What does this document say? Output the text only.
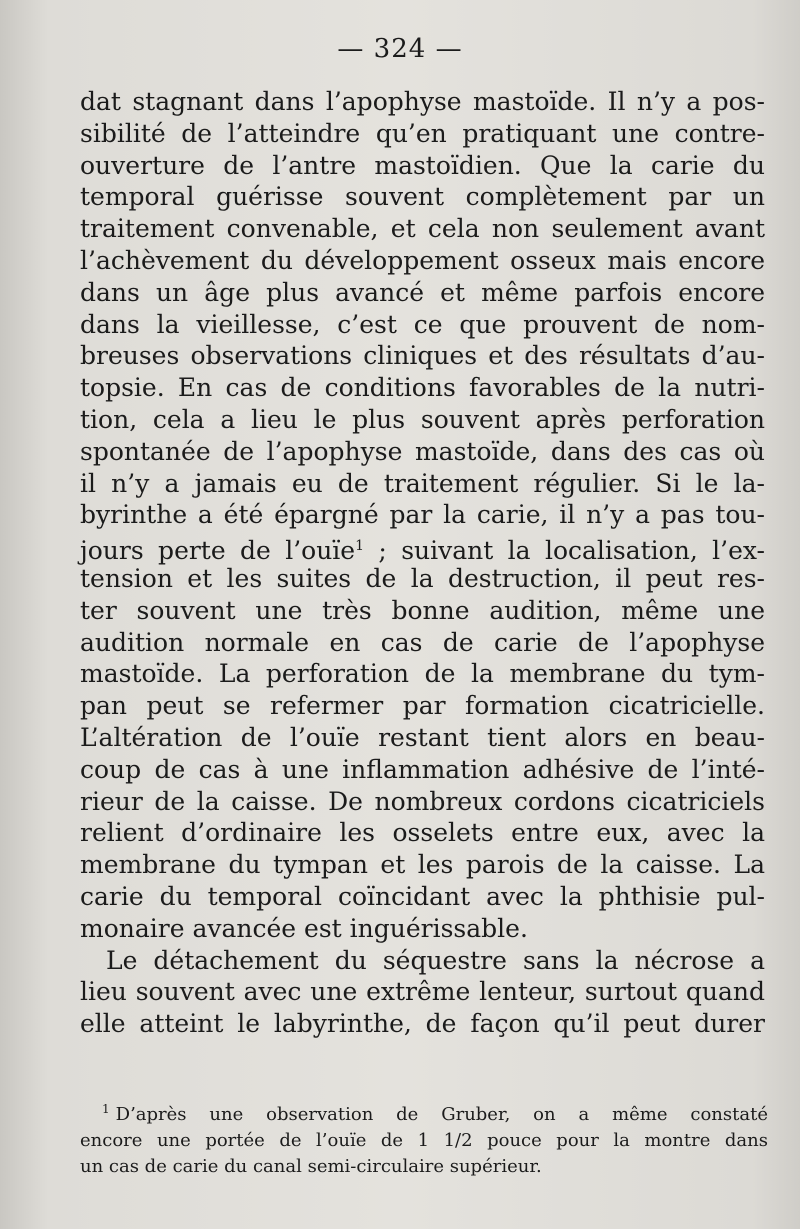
— 324 —
dat stagnant dans l’apophyse mastoïde. Il n’y a pos-
sibilité de l’atteindre qu’en pratiquant une contre-
ouverture de l’antre mastoïdien. Que la carie du
temporal guérisse souvent complètement par un
traitement convenable, et cela non seulement avant
l’achèvement du développement osseux mais encore
dans un âge plus avancé et même parfois encore
dans la vieillesse, c’est ce que prouvent de nom-
breuses observations cliniques et des résultats d’au-
topsie. En cas de conditions favorables de la nutri-
tion, cela a lieu le plus souvent après perforation
spontanée de l’apophyse mastoïde, dans des cas où
il n’y a jamais eu de traitement régulier. Si le la-
byrinthe a été épargné par la carie, il n’y a pas tou-
jours perte de l’ouïe$^1$ ; suivant la localisation, l’ex-
tension et les suites de la destruction, il peut res-
ter souvent une très bonne audition, même une
audition normale en cas de carie de l’apophyse
mastoïde. La perforation de la membrane du tym-
pan peut se refermer par formation cicatricielle.
L’altération de l’ouïe restant tient alors en beau-
coup de cas à une inflammation adhésive de l’inté-
rieur de la caisse. De nombreux cordons cicatriciels
relient d’ordinaire les osselets entre eux, avec la
membrane du tympan et les parois de la caisse. La
carie du temporal coïncidant avec la phthisie pul-
monaire avancée est inguérissable.
Le détachement du séquestre sans la nécrose a
lieu souvent avec une extrême lenteur, surtout quand
elle atteint le labyrinthe, de façon qu’il peut durer
$^1$ D’après une observation de Gruber, on a même constaté
encore une portée de l’ouïe de 1 1/2 pouce pour la montre dans
un cas de carie du canal semi-circulaire supérieur.
